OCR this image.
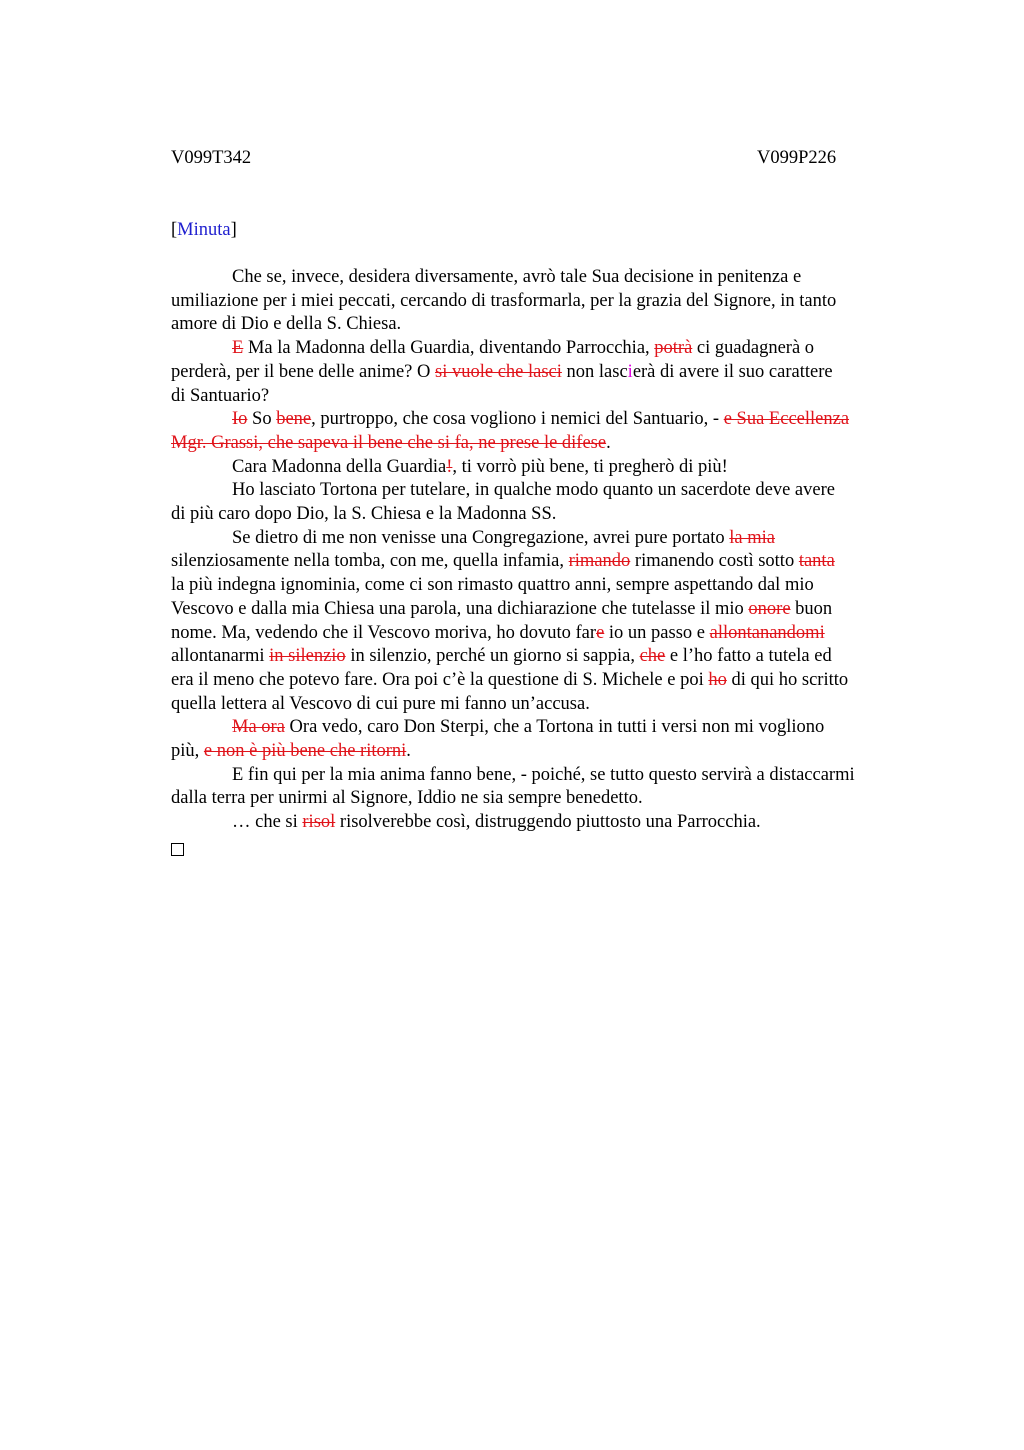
V099T342	V099P226
[Minuta]

Che se, invece, desidera diversamente, avrò tale Sua decisione in penitenza e

umiliazione per i miei peccati, cercando di trasformarla, per la grazia del Signore, in tanto

amore di Dio e della S. Chiesa.

E Ma la Madonna della Guardia, diventando Parrocchia, potrà ci guadagnerà o

perderà, per il bene delle anime? O si vuole che lasci non lascierà di avere il suo carattere

di Santuario?

Io So bene, purtroppo, che cosa vogliono i nemici del Santuario, - e Sua Eccellenza

Mgr. Grassi, che sapeva il bene che si fa, ne prese le difese.

Cara Madonna della Guardia!, ti vorrò più bene, ti pregherò di più!

Ho lasciato Tortona per tutelare, in qualche modo quanto un sacerdote deve avere

di più caro dopo Dio, la S. Chiesa e la Madonna SS.

Se dietro di me non venisse una Congregazione, avrei pure portato la mia

silenziosamente nella tomba, con me, quella infamia, rimando rimanendo costì sotto tanta

la più indegna ignominia, come ci son rimasto quattro anni, sempre aspettando dal mio

Vescovo e dalla mia Chiesa una parola, una dichiarazione che tutelasse il mio onore buon

nome. Ma, vedendo che il Vescovo moriva, ho dovuto fare io un passo e allontanandomi

allontanarmi in silenzio in silenzio, perché un giorno si sappia, che e l’ho fatto a tutela ed

era il meno che potevo fare. Ora poi c’è la questione di S. Michele e poi ho di qui ho scritto

quella lettera al Vescovo di cui pure mi fanno un’accusa.

Ma ora Ora vedo, caro Don Sterpi, che a Tortona in tutti i versi non mi vogliono

più, e non è più bene che ritorni.

E fin qui per la mia anima fanno bene, - poiché, se tutto questo servirà a distaccarmi

dalla terra per unirmi al Signore, Iddio ne sia sempre benedetto.

… che si risol risolverebbe così, distruggendo piuttosto una Parrocchia.
